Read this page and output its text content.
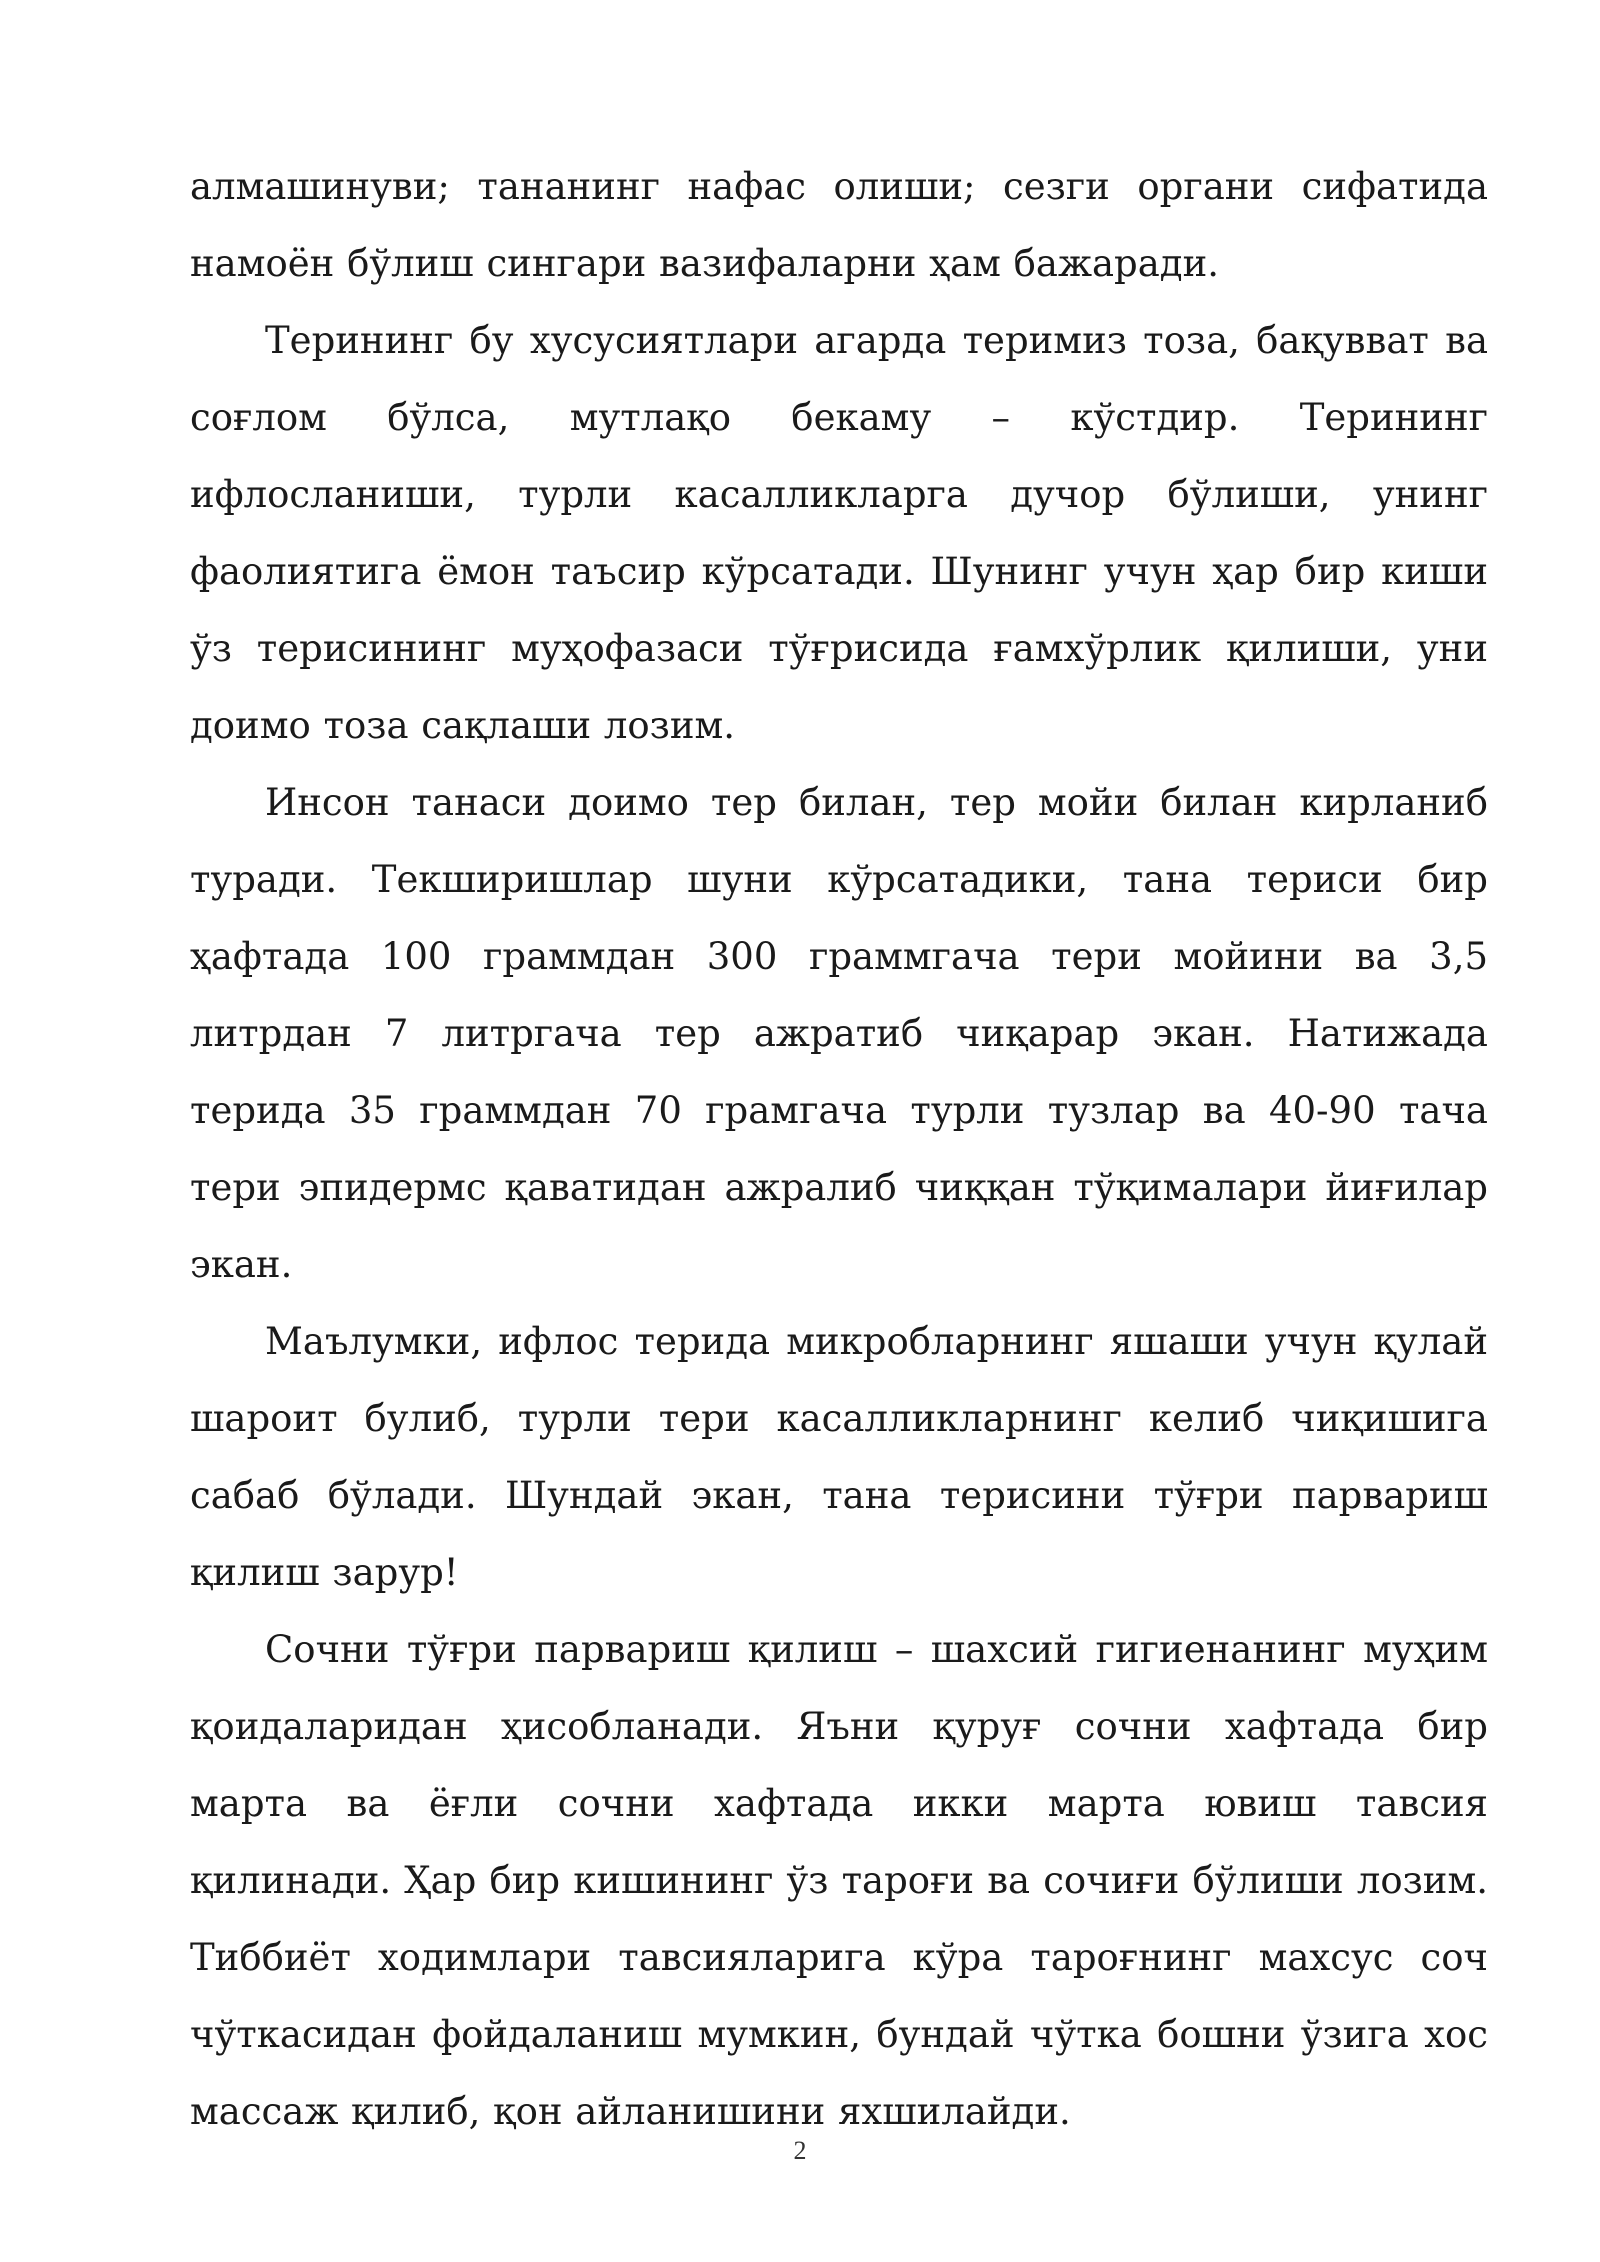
алмашинуви; тананинг нафас олиши; сезги органи сифатида намоён бўлиш сингари вазифаларни ҳам бажаради.

Терининг бу хусусиятлари агарда теримиз тоза, бақувват ва соғлом бўлса, мутлақо бекаму – кўстдир. Терининг ифлосланиши, турли касалликларга дучор бўлиши, унинг фаолиятига ёмон таъсир кўрсатади. Шунинг учун ҳар бир киши ўз терисининг муҳофазаси тўғрисида ғамхўрлик қилиши, уни доимо тоза сақлаши лозим.

Инсон танаси доимо тер билан, тер мойи билан кирланиб туради. Текширишлар шуни кўрсатадики, тана териси бир ҳафтада 100 граммдан 300 граммгача тери мойини ва 3,5 литрдан 7 литргача тер ажратиб чиқарар экан. Натижада терида 35 граммдан 70 грамгача турли тузлар ва 40-90 тача тери эпидермс қаватидан ажралиб чиққан тўқималари йиғилар экан.

Маълумки, ифлос терида микробларнинг яшаши учун қулай шароит булиб, турли тери касалликларнинг келиб чиқишига сабаб бўлади. Шундай экан, тана терисини тўғри парвариш қилиш зарур!

Сочни тўғри парвариш қилиш – шахсий гигиенанинг муҳим қоидаларидан ҳисобланади. Яъни қуруғ сочни хафтада бир марта ва ёғли сочни хафтада икки марта ювиш тавсия қилинади. Ҳар бир кишининг ўз тароғи ва сочиғи бўлиши лозим. Тиббиёт ходимлари тавсияларига кўра тароғнинг махсус соч чўткасидан фойдаланиш мумкин, бундай чўтка бошни ўзига хос массаж қилиб, қон айланишини яхшилайди.

2
